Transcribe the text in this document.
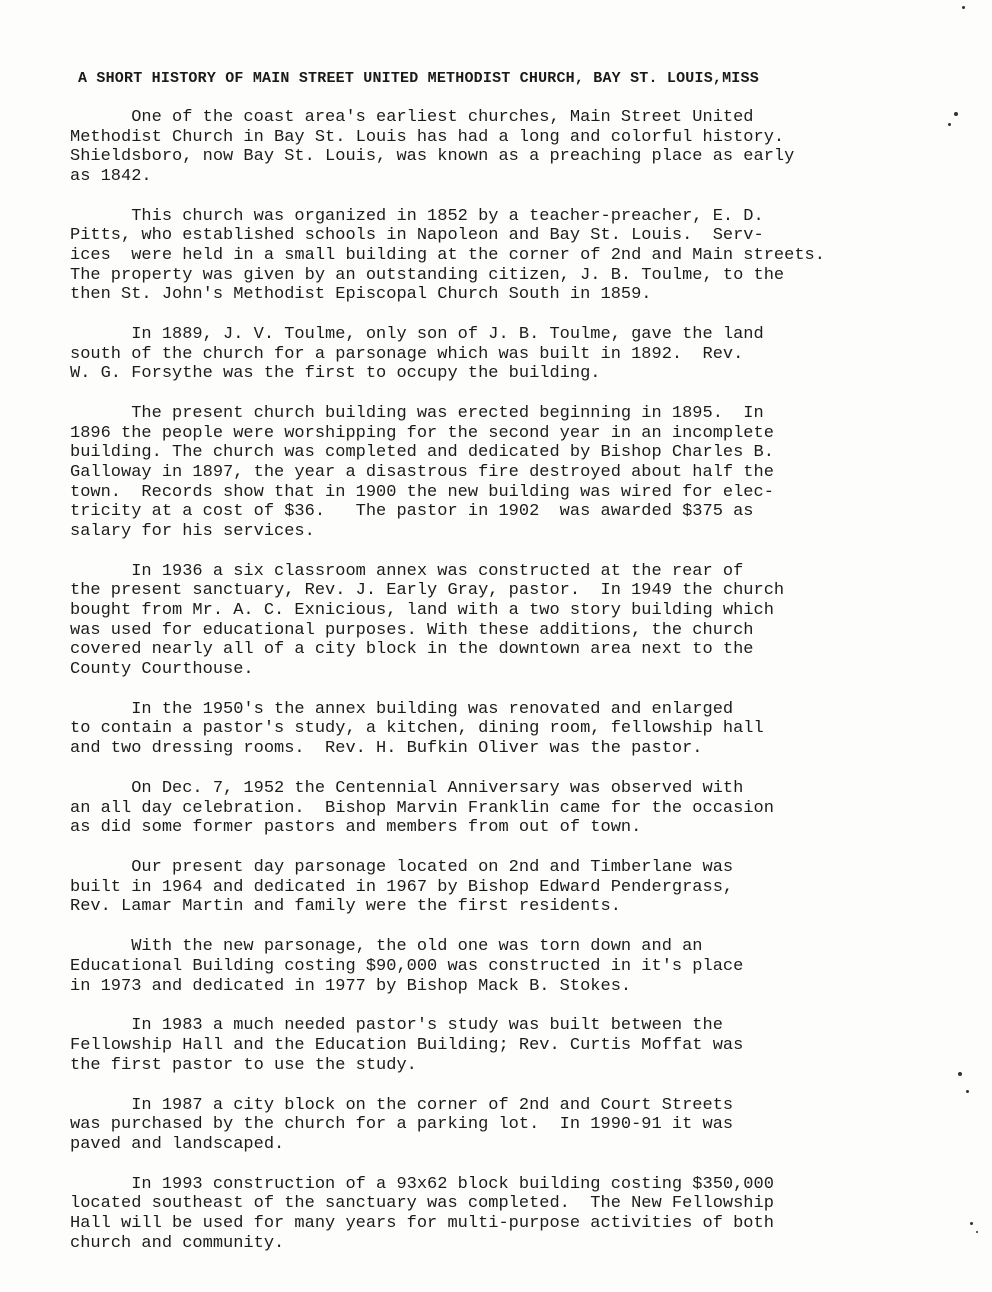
A SHORT HISTORY OF MAIN STREET UNITED METHODIST CHURCH, BAY ST. LOUIS,MISS

One of the coast area's earliest churches, Main Street United
Methodist Church in Bay St. Louis has had a long and colorful history.
Shieldsboro, now Bay St. Louis, was known as a preaching place as early
as 1842.

This church was organized in 1852 by a teacher-preacher, E. D.
Pitts, who established schools in Napoleon and Bay St. Louis.  Serv-
ices  were held in a small building at the corner of 2nd and Main streets.
The property was given by an outstanding citizen, J. B. Toulme, to the
then St. John's Methodist Episcopal Church South in 1859.

In 1889, J. V. Toulme, only son of J. B. Toulme, gave the land
south of the church for a parsonage which was built in 1892.  Rev.
W. G. Forsythe was the first to occupy the building.

The present church building was erected beginning in 1895.  In
1896 the people were worshipping for the second year in an incomplete
building. The church was completed and dedicated by Bishop Charles B.
Galloway in 1897, the year a disastrous fire destroyed about half the
town.  Records show that in 1900 the new building was wired for elec-
tricity at a cost of $36.   The pastor in 1902  was awarded $375 as
salary for his services.

In 1936 a six classroom annex was constructed at the rear of
the present sanctuary, Rev. J. Early Gray, pastor.  In 1949 the church
bought from Mr. A. C. Exnicious, land with a two story building which
was used for educational purposes. With these additions, the church
covered nearly all of a city block in the downtown area next to the
County Courthouse.

In the 1950's the annex building was renovated and enlarged
to contain a pastor's study, a kitchen, dining room, fellowship hall
and two dressing rooms.  Rev. H. Bufkin Oliver was the pastor.

On Dec. 7, 1952 the Centennial Anniversary was observed with
an all day celebration.  Bishop Marvin Franklin came for the occasion
as did some former pastors and members from out of town.

Our present day parsonage located on 2nd and Timberlane was
built in 1964 and dedicated in 1967 by Bishop Edward Pendergrass,
Rev. Lamar Martin and family were the first residents.

With the new parsonage, the old one was torn down and an
Educational Building costing $90,000 was constructed in it's place
in 1973 and dedicated in 1977 by Bishop Mack B. Stokes.

In 1983 a much needed pastor's study was built between the
Fellowship Hall and the Education Building; Rev. Curtis Moffat was
the first pastor to use the study.

In 1987 a city block on the corner of 2nd and Court Streets
was purchased by the church for a parking lot.  In 1990-91 it was
paved and landscaped.

In 1993 construction of a 93x62 block building costing $350,000
located southeast of the sanctuary was completed.  The New Fellowship
Hall will be used for many years for multi-purpose activities of both
church and community.
